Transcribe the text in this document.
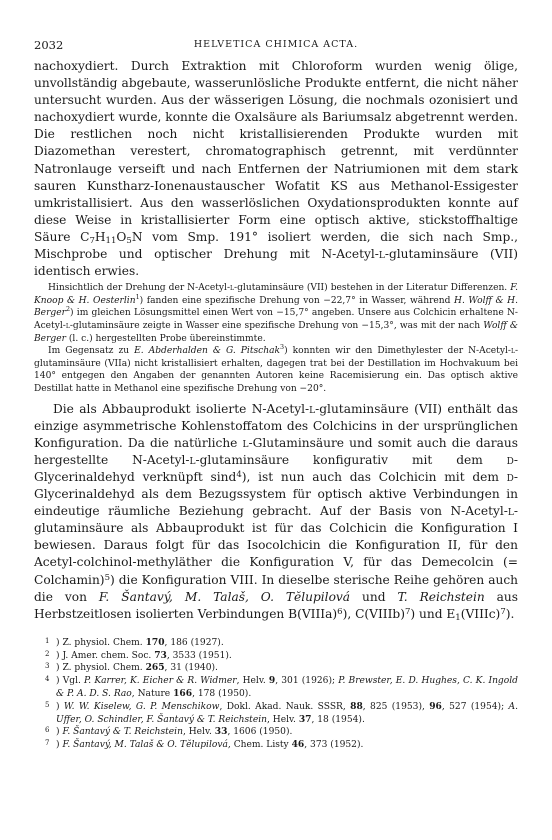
2032	HELVETICA CHIMICA ACTA.

nachoxydiert. Durch Extraktion mit Chloroform wurden wenig ölige, unvollständig abgebaute, wasserunlösliche Produkte entfernt, die nicht näher untersucht wurden. Aus der wässerigen Lösung, die nochmals ozonisiert und nachoxydiert wurde, konnte die Oxalsäure als Bariumsalz abgetrennt werden. Die restlichen noch nicht kristallisierenden Produkte wurden mit Diazomethan verestert, chromatographisch getrennt, mit verdünnter Natronlauge verseift und nach Entfernen der Natriumionen mit dem stark sauren Kunstharz-Ionenaustauscher Wofatit KS aus Methanol-Essigester umkristallisiert. Aus den wasserlöslichen Oxydationsprodukten konnte auf diese Weise in kristallisierter Form eine optisch aktive, stickstoffhaltige Säure $C_7H_{11}O_5N$ vom Smp. 191° isoliert werden, die sich nach Smp., Mischprobe und optischer Drehung mit N-Acetyl-l-glutaminsäure (VII) identisch erwies.

Hinsichtlich der Drehung der N-Acetyl-l-glutaminsäure (VII) bestehen in der Literatur Differenzen. F. Knoop & H. Oesterlin$^1$) fanden eine spezifische Drehung von −22,7° in Wasser, während H. Wolff & H. Berger$^2$) im gleichen Lösungsmittel einen Wert von −15,7° angeben. Unsere aus Colchicin erhaltene N-Acetyl-l-glutaminsäure zeigte in Wasser eine spezifische Drehung von −15,3°, was mit der nach Wolff & Berger (l. c.) hergestellten Probe übereinstimmte.

Im Gegensatz zu E. Abderhalden & G. Pitschak$^3$) konnten wir den Dimethylester der N-Acetyl-l-glutaminsäure (VIIa) nicht kristallisiert erhalten, dagegen trat bei der Destillation im Hochvakuum bei 140° entgegen den Angaben der genannten Autoren keine Racemisierung ein. Das optisch aktive Destillat hatte in Methanol eine spezifische Drehung von −20°.

Die als Abbauprodukt isolierte N-Acetyl-l-glutaminsäure (VII) enthält das einzige asymmetrische Kohlenstoffatom des Colchicins in der ursprünglichen Konfiguration. Da die natürliche l-Glutaminsäure und somit auch die daraus hergestellte N-Acetyl-l-glutaminsäure konfigurativ mit dem d-Glycerinaldehyd verknüpft sind$^4$), ist nun auch das Colchicin mit dem d-Glycerinaldehyd als dem Bezugssystem für optisch aktive Verbindungen in eindeutige räumliche Beziehung gebracht. Auf der Basis von N-Acetyl-l-glutaminsäure als Abbauprodukt ist für das Colchicin die Konfiguration I bewiesen. Daraus folgt für das Isocolchicin die Konfiguration II, für den Acetyl-colchinol-methyläther die Konfiguration V, für das Demecolcin (= Colchamin)$^5$) die Konfiguration VIII. In dieselbe sterische Reihe gehören auch die von F. Šantavý, M. Talaš, O. Tĕlupilová und T. Reichstein aus Herbstzeitlosen isolierten Verbindungen B(VIIIa)$^6$), C(VIIIb)$^7$) und $E_1(VIIIc)^7$).

1 ) Z. physiol. Chem. 170, 186 (1927).
2 ) J. Amer. chem. Soc. 73, 3533 (1951).
3 ) Z. physiol. Chem. 265, 31 (1940).
4 ) Vgl. P. Karrer, K. Eicher & R. Widmer, Helv. 9, 301 (1926); P. Brewster, E. D. Hughes, C. K. Ingold & P. A. D. S. Rao, Nature 166, 178 (1950).
5 ) W. W. Kiselew, G. P. Menschikow, Dokl. Akad. Nauk. SSSR, 88, 825 (1953), 96, 527 (1954); A. Uffer, O. Schindler, F. Šantavý & T. Reichstein, Helv. 37, 18 (1954).
6 ) F. Šantavý & T. Reichstein, Helv. 33, 1606 (1950).
7 ) F. Šantavý, M. Talaš & O. Tĕlupilová, Chem. Listy 46, 373 (1952).
